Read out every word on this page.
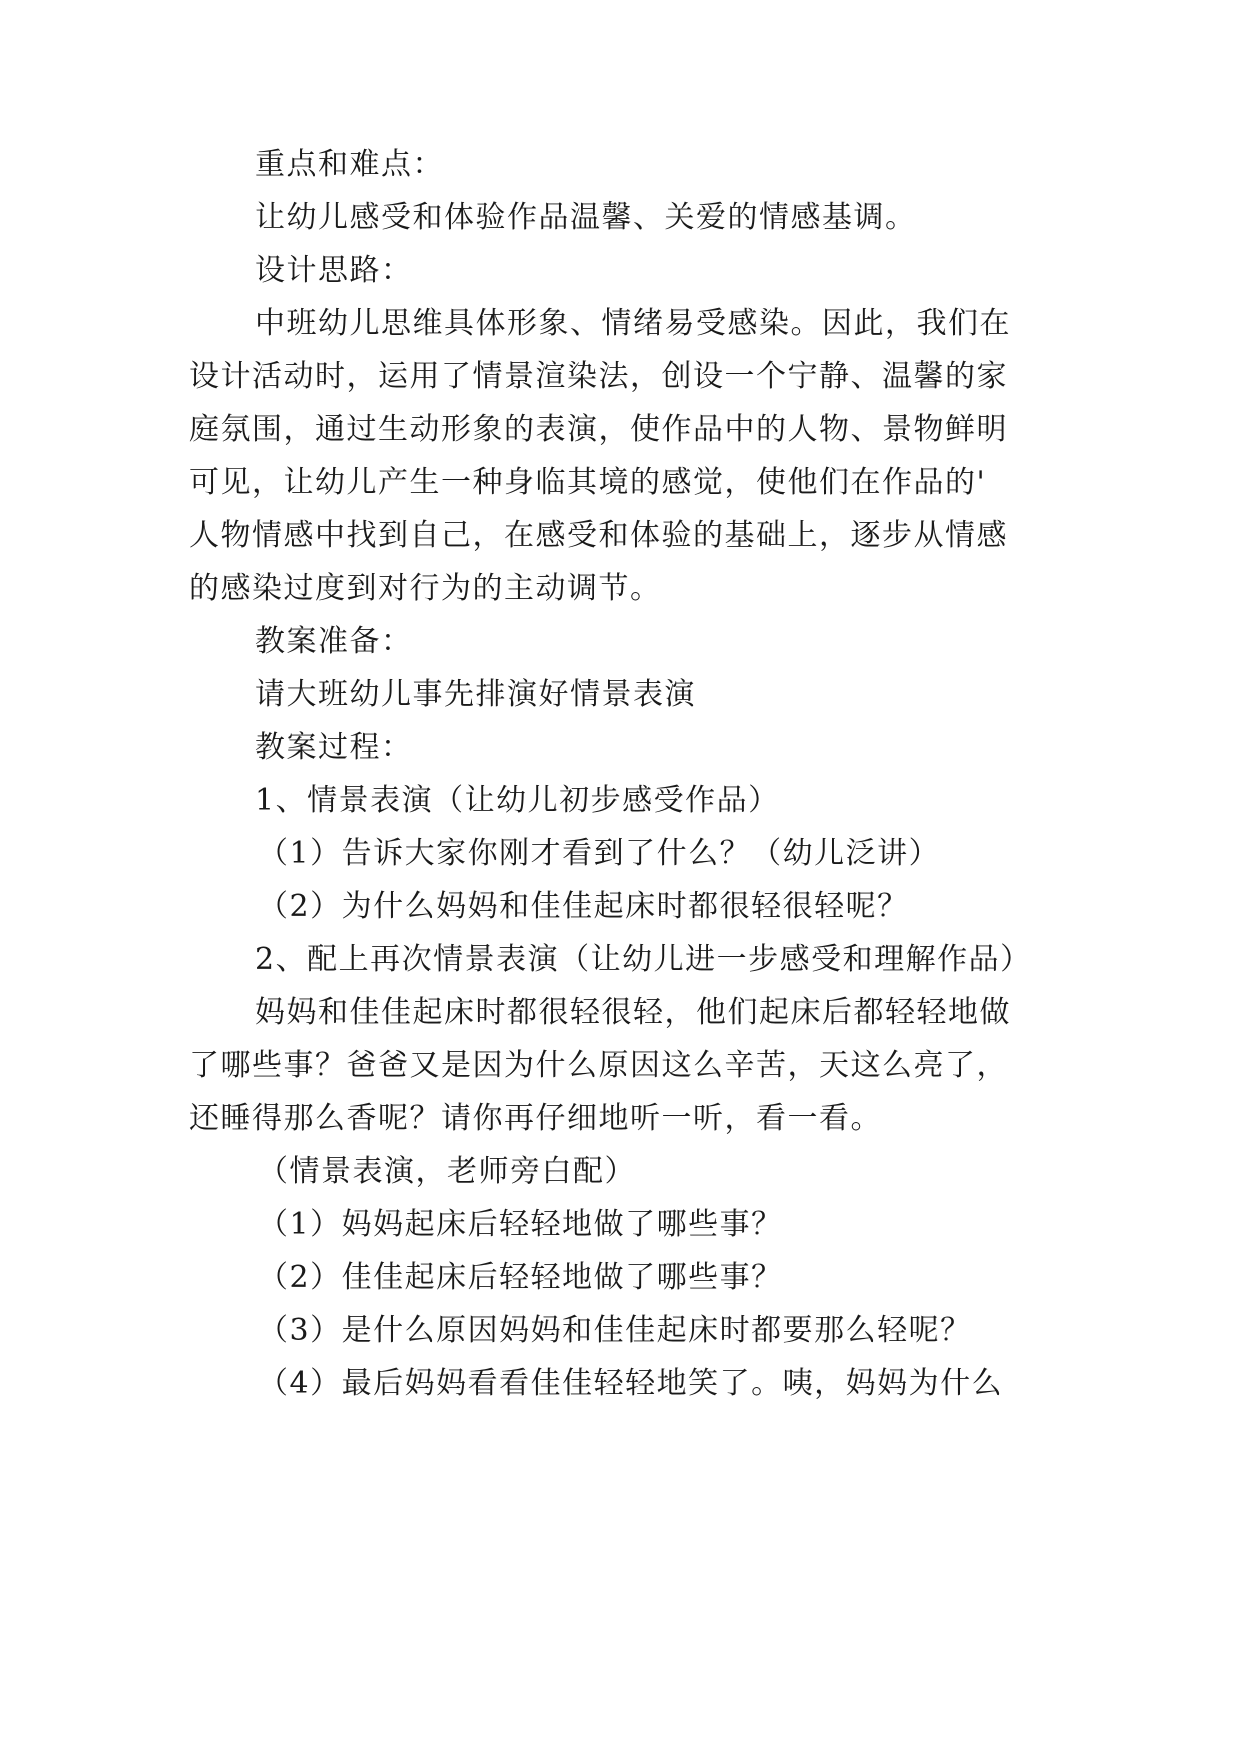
重点和难点：
让幼儿感受和体验作品温馨、关爱的情感基调。
设计思路：
中班幼儿思维具体形象、情绪易受感染。因此，我们在
设计活动时，运用了情景渲染法，创设一个宁静、温馨的家
庭氛围，通过生动形象的表演，使作品中的人物、景物鲜明
可见，让幼儿产生一种身临其境的感觉，使他们在作品的'
人物情感中找到自己，在感受和体验的基础上，逐步从情感
的感染过度到对行为的主动调节。
教案准备：
请大班幼儿事先排演好情景表演
教案过程：
1、情景表演（让幼儿初步感受作品）
（1）告诉大家你刚才看到了什么？（幼儿泛讲）
（2）为什么妈妈和佳佳起床时都很轻很轻呢？
2、配上再次情景表演（让幼儿进一步感受和理解作品）
妈妈和佳佳起床时都很轻很轻，他们起床后都轻轻地做
了哪些事？爸爸又是因为什么原因这么辛苦，天这么亮了，
还睡得那么香呢？请你再仔细地听一听，看一看。
（情景表演，老师旁白配）
（1）妈妈起床后轻轻地做了哪些事？
（2）佳佳起床后轻轻地做了哪些事？
（3）是什么原因妈妈和佳佳起床时都要那么轻呢？
（4）最后妈妈看看佳佳轻轻地笑了。咦，妈妈为什么
